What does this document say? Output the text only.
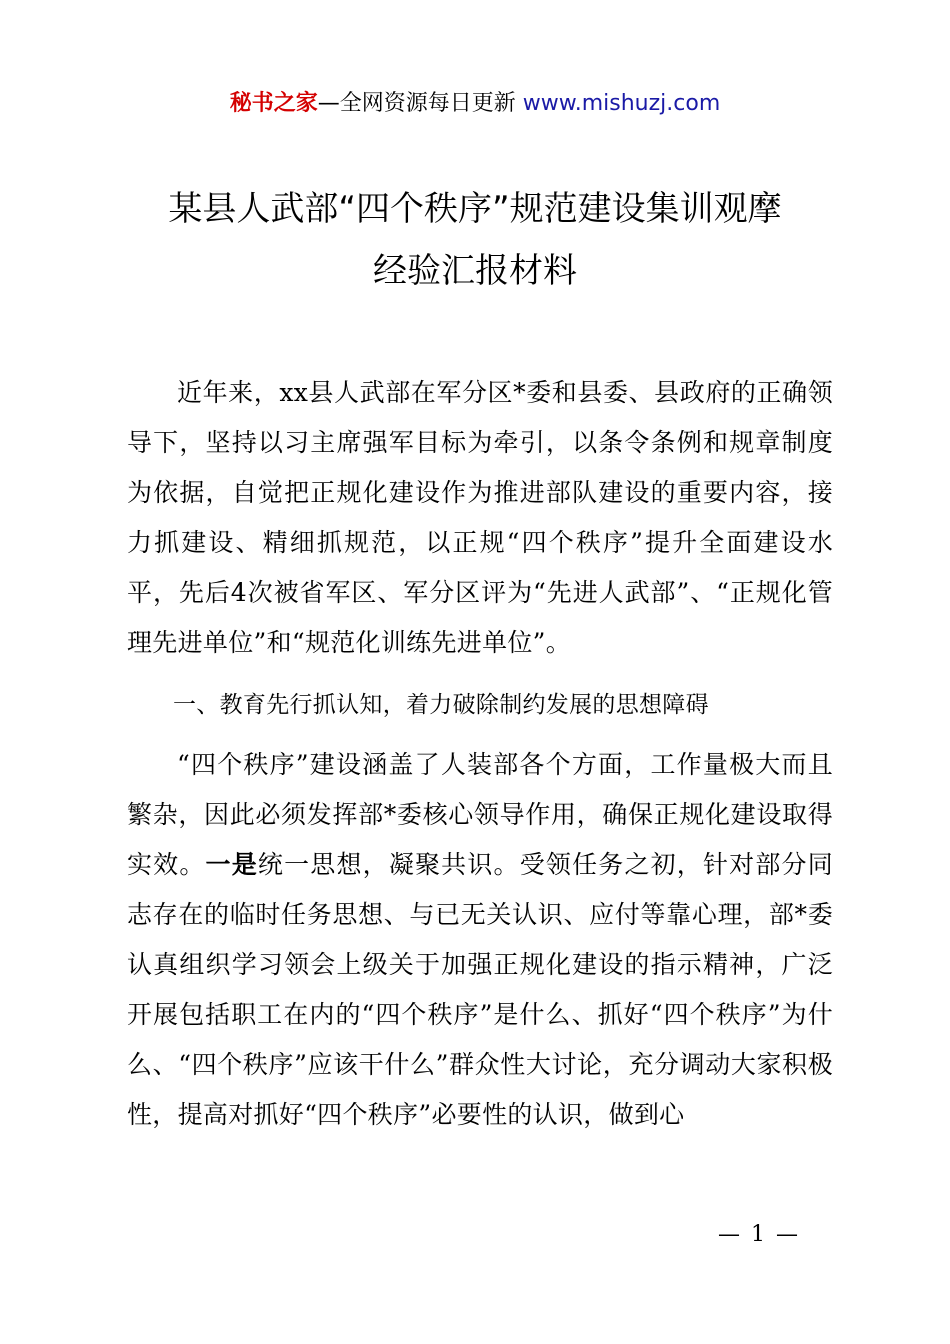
秘书之家—全网资源每日更新 www.mishuzj.com
某县人武部“四个秩序”规范建设集训观摩
经验汇报材料

近年来，xx县人武部在军分区*委和县委、县政府的正确领导下，坚持以习主席强军目标为牵引，以条令条例和规章制度为依据，自觉把正规化建设作为推进部队建设的重要内容，接力抓建设、精细抓规范，以正规“四个秩序”提升全面建设水平，先后4次被省军区、军分区评为“先进人武部”、“正规化管理先进单位”和“规范化训练先进单位”。

一、教育先行抓认知，着力破除制约发展的思想障碍

“四个秩序”建设涵盖了人装部各个方面，工作量极大而且繁杂，因此必须发挥部*委核心领导作用，确保正规化建设取得实效。一是统一思想，凝聚共识。受领任务之初，针对部分同志存在的临时任务思想、与已无关认识、应付等靠心理，部*委认真组织学习领会上级关于加强正规化建设的指示精神，广泛开展包括职工在内的“四个秩序”是什么、抓好“四个秩序”为什么、“四个秩序”应该干什么”群众性大讨论，充分调动大家积极性，提高对抓好“四个秩序”必要性的认识，做到心

— 1 —
